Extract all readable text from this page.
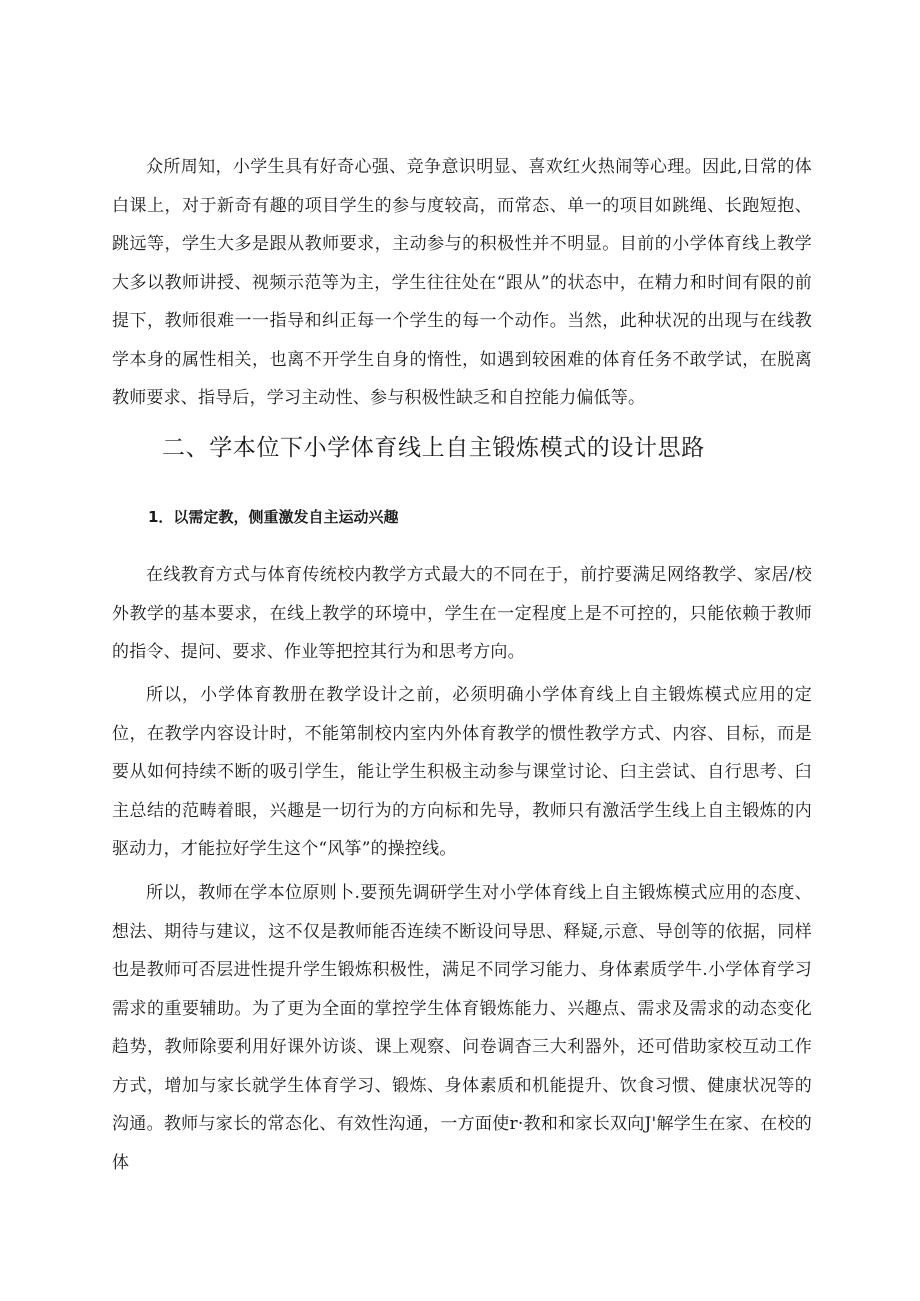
众所周知，小学生具有好奇心强、竞争意识明显、喜欢红火热闹等心理。因此,日常的体白课上，对于新奇有趣的项目学生的参与度较高，而常态、单一的项目如跳绳、长跑短抱、跳远等，学生大多是跟从教师要求，主动参与的积极性并不明显。目前的小学体育线上教学大多以教师讲授、视频示范等为主，学生往往处在“跟从”的状态中，在精力和时间有限的前提下，教师很难一一指导和纠正每一个学生的每一个动作。当然，此种状况的出现与在线教学本身的属性相关，也离不开学生自身的惰性，如遇到较困难的体育任务不敢学试，在脱离教师要求、指导后，学习主动性、参与积极性缺乏和自控能力偏低等。

二、学本位下小学体育线上自主锻炼模式的设计思路
1．以需定教，侧重激发自主运动兴趣

在线教育方式与体育传统校内教学方式最大的不同在于，前拧要满足网络教学、家居/校外教学的基本要求，在线上教学的环境中，学生在一定程度上是不可控的，只能依赖于教师的指令、提问、要求、作业等把控其行为和思考方向。

所以，小学体育教册在教学设计之前，必须明确小学体育线上自主锻炼模式应用的定位，在教学内容设计时，不能第制校内室内外体育教学的惯性教学方式、内容、目标，而是要从如何持续不断的吸引学生，能让学生积极主动参与课堂讨论、臼主尝试、自行思考、臼主总结的范畴着眼，兴趣是一切行为的方向标和先导，教师只有激活学生线上自主锻炼的内驱动力，才能拉好学生这个“风筝”的操控线。

所以，教师在学本位原则卜.要预先调研学生对小学体育线上自主锻炼模式应用的态度、想法、期待与建议，这不仅是教师能否连续不断设问导思、释疑,示意、导创等的依据，同样也是教师可否层进性提升学生锻炼积极性，满足不同学习能力、身体素质学牛.小学体育学习需求的重要辅助。为了更为全面的掌控学生体育锻炼能力、兴趣点、需求及需求的动态变化趋势，教师除要利用好课外访谈、课上观察、问卷调杳三大利器外，还可借助家校互动工作方式，增加与家长就学生体育学习、锻炼、身体素质和机能提升、饮食习惯、健康状况等的沟通。教师与家长的常态化、有效性沟通，一方面使r·教和和家长双向J'解学生在家、在校的体
